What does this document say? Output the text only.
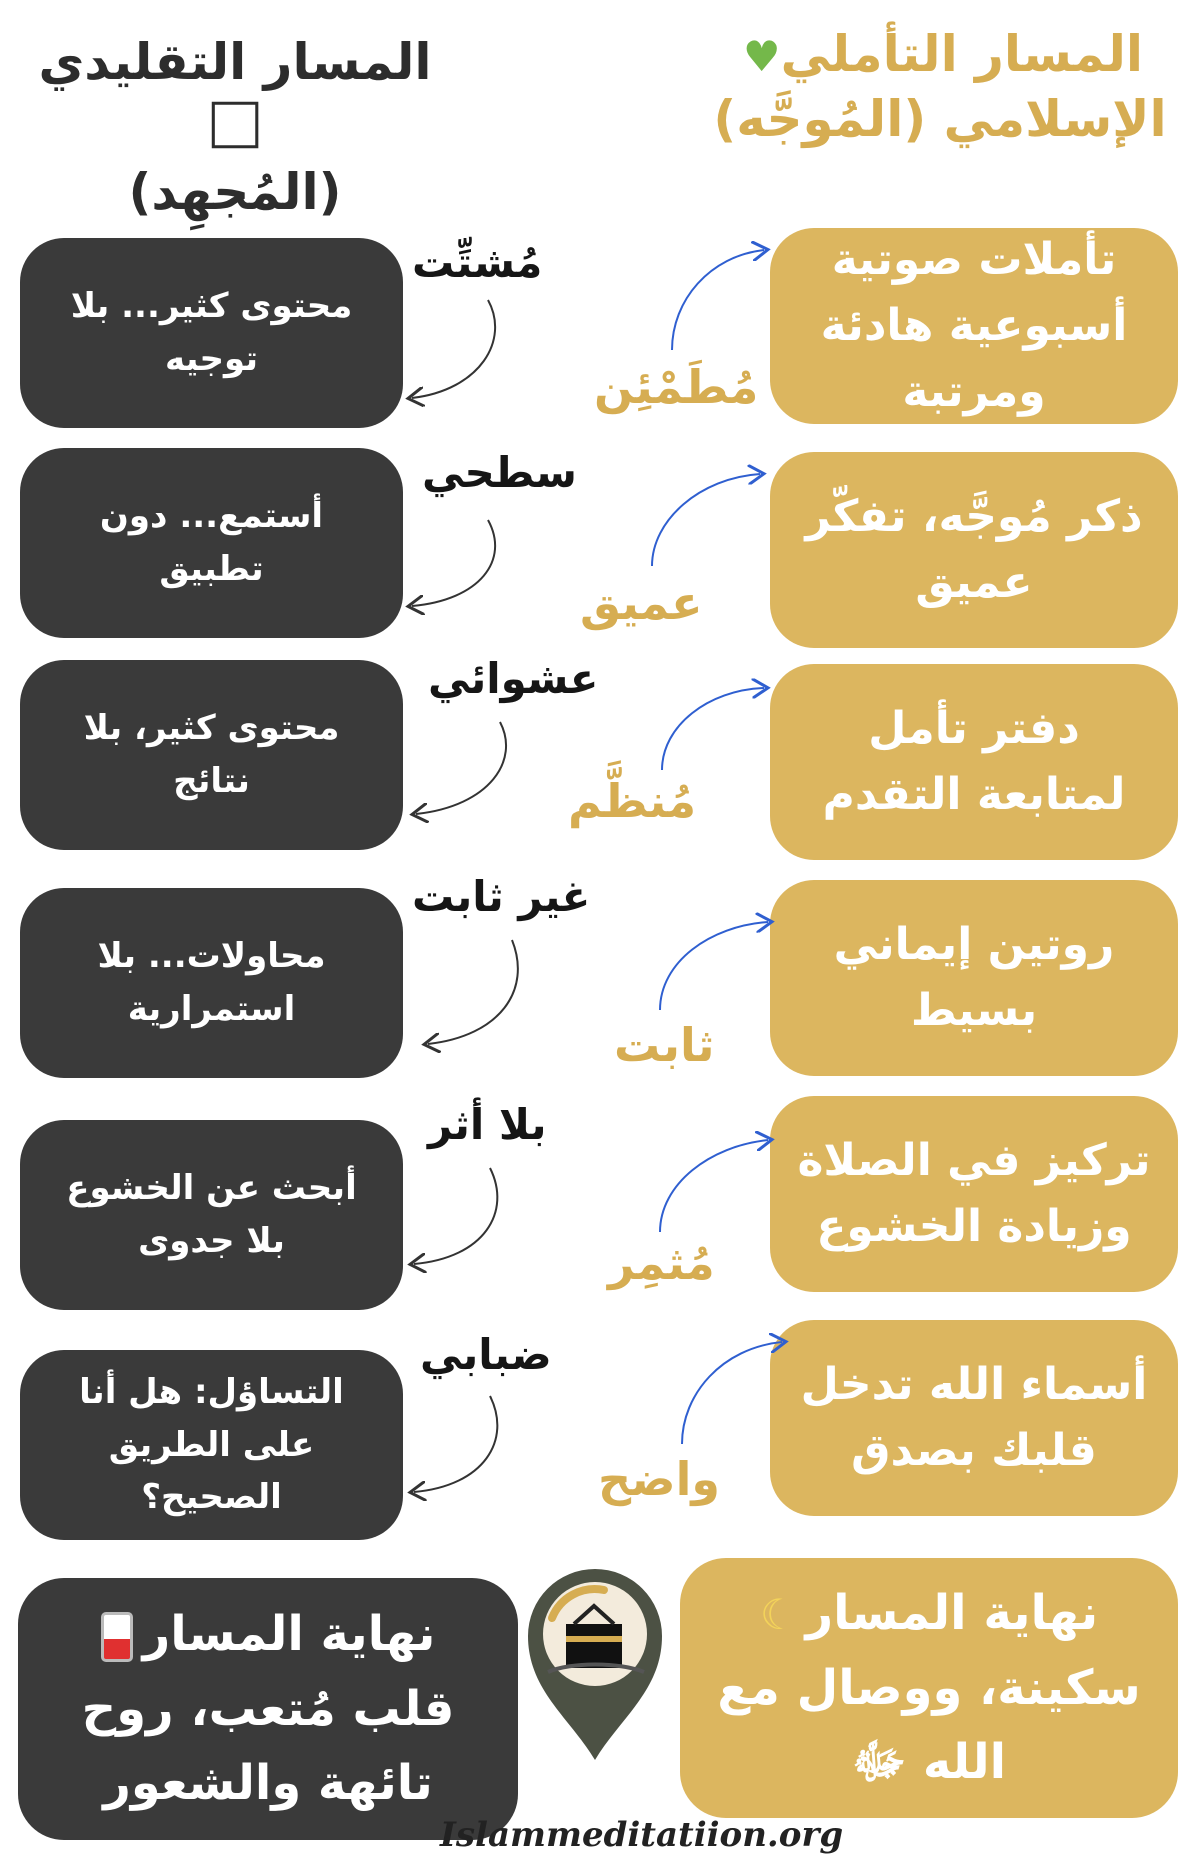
المسار التقليدي ⃞
(المُجهِد)
المسار التأملي♥
الإسلامي (المُوجَّه)
محتوى كثير... بلا توجيه
أستمع... دون تطبيق
محتوى كثير، بلا نتائج
محاولات... بلا استمرارية
أبحث عن الخشوع بلا جدوى
التساؤل: هل أنا على الطريق الصحيح؟
مُشتِّت
سطحي
عشوائي
غير ثابت
بلا أثر
ضبابي
تأملات صوتية أسبوعية هادئة ومرتبة
ذكر مُوجَّه، تفكّر عميق
دفتر تأمل لمتابعة التقدم
روتين إيماني بسيط
تركيز في الصلاة وزيادة الخشوع
أسماء الله تدخل قلبك بصدق
مُطَمْئِن
عميق
مُنظَّم
ثابت
مُثمِر
واضح
نهاية المسار
قلب مُتعب، روح
تائهة والشعور
نهاية المسار☾
سكينة، ووصال مع
الله ﷻ
Islammeditatiion.org
